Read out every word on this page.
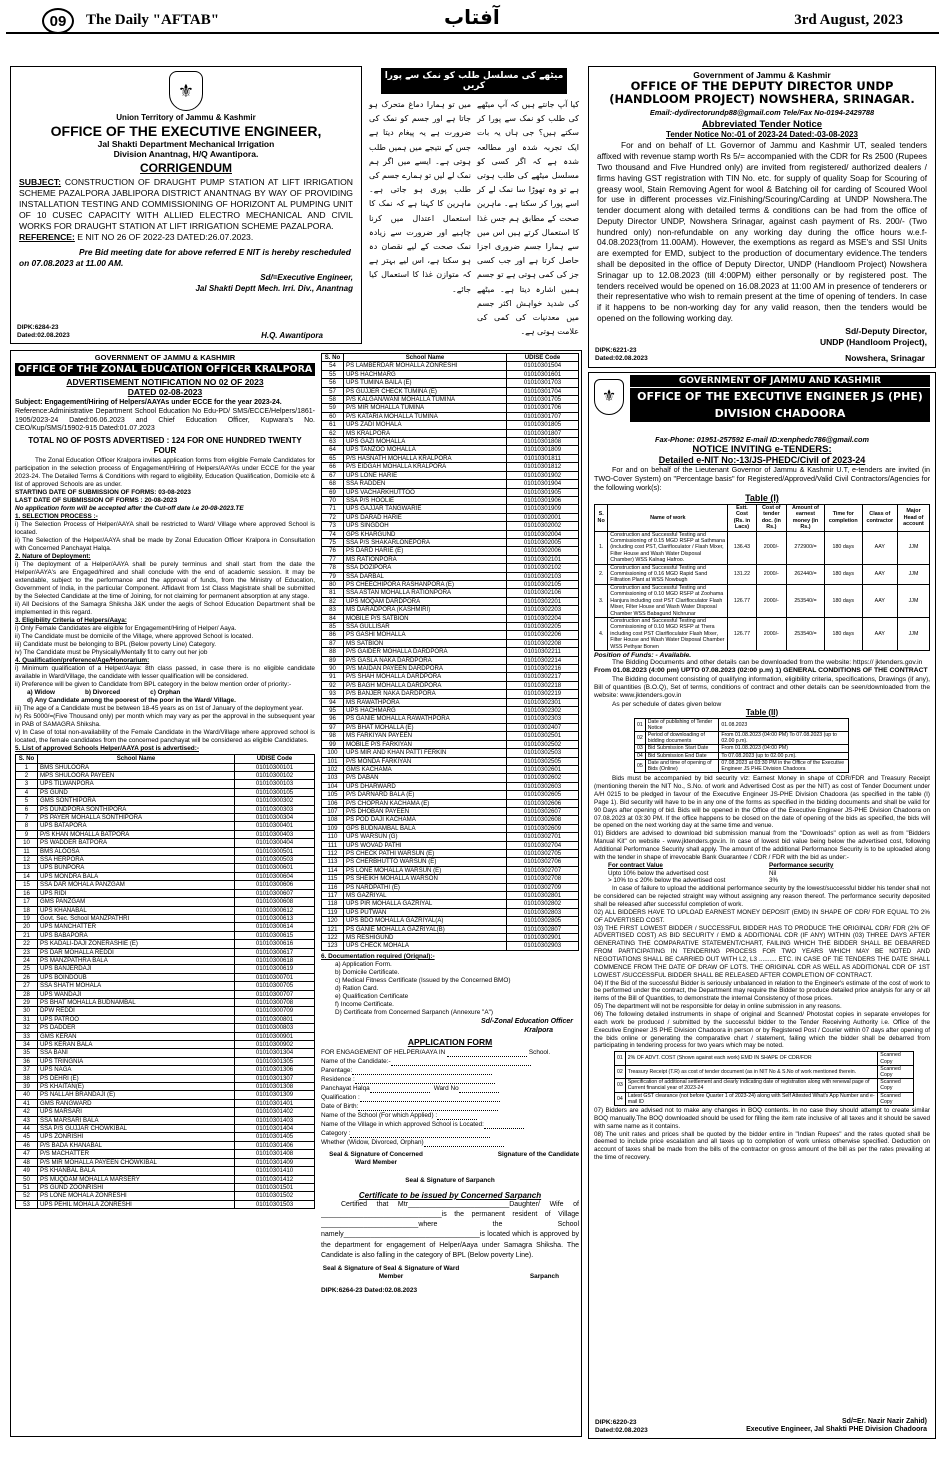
09	The Daily "AFTAB"	آفتاب	3rd August, 2023
⚜
Union Territory of Jammu & Kashmir
OFFICE OF THE EXECUTIVE ENGINEER,
Jal Shakti Department Mechanical Irrigation
Division Anantnag, H/Q Awantipora.
CORRIGENDUM
SUBJECT: CONSTRUCTION OF DRAUGHT PUMP STATION AT LIFT IRRIGATION SCHEME PAZALPORA JABLIPORA DISTRICT ANANTNAG BY WAY OF PROVIDING INSTALLATION TESTING AND COMMISSIONING OF HORIZONT AL PUMPING UNIT OF 10 CUSEC CAPACITY WITH ALLIED ELECTRO MECHANICAL AND CIVIL WORKS FOR DRAUGHT STATION AT LIFT IRRIGATION SCHEME PAZALPORA.
REFERENCE: E NIT NO 26 OF 2022-23 DATED:26.07.2023.
Pre Bid meeting date for above referred E NIT is hereby rescheduled on 07.08.2023 at 11.00 AM.
Sd/=Executive Engineer,
Jal Shakti Deptt Mech. Irri. Div., Anantnag
DIPK:6284-23
Dated:02.08.2023	H.Q. Awantipora
میٹھے کی مسلسل طلب کو نمک سے پورا کریں
کیا آپ جانتے ہیں کہ آپ میٹھے کی طلب کو نمک سے پورا کر سکتے ہیں؟ جی ہاں یہ بات ایک تجربہ شدہ اور مطالعہ شدہ ہے کہ اگر کسی کو مسلسل میٹھے کی طلب ہوتی ہے تو وہ تھوڑا سا نمک لے کر اسے پورا کر سکتا ہے۔ ماہرین صحت کے مطابق ہم جس غذا کا استعمال کرتے ہیں اس میں سے ہمارا جسم ضروری اجزا حاصل کرتا ہے اور جب کسی جز کی کمی ہوتی ہے تو جسم ہمیں اشارہ دیتا ہے۔ میٹھے کی شدید خواہش اکثر جسم میں معدنیات کی کمی کی علامت ہوتی ہے۔
میں تو ہمارا دماغ متحرک ہو جاتا ہے اور جسم کو نمک کی ضرورت ہے یہ پیغام دیتا ہے جس کے نتیجے میں ہمیں طلب ہوتی ہے۔ ایسے میں اگر ہم نمک لے لیں تو ہمارے جسم کی طلب پوری ہو جاتی ہے۔ ماہرین کا کہنا ہے کہ نمک کا استعمال اعتدال میں کرنا چاہیے اور ضرورت سے زیادہ نمک صحت کے لیے نقصان دہ ہو سکتا ہے، اس لیے بہتر ہے کہ متوازن غذا کا استعمال کیا جائے۔
Government of Jammu & Kashmir
OFFICE OF THE DEPUTY DIRECTOR UNDP (HANDLOOM PROJECT) NOWSHERA, SRINAGAR.
Email:-dydirectorundp88@gmail.com Tele/Fax No-0194-2429788
Abbreviated Tender Notice
Tender Notice No:-01 of 2023-24 Dated:-03-08-2023
For and on behalf of Lt. Governor of Jammu and Kashmir UT, sealed tenders affixed with revenue stamp worth Rs 5/= accompanied with the CDR for Rs 2500 (Rupees Two thousand and Five Hundred only) are invited from registered/ authorized dealers / firms having GST registration with TIN No. etc. for supply of quality Soap for Scouring of greasy wool, Stain Removing Agent for wool & Batching oil for carding of Scoured Wool for use in different processes viz.Finishing/Scouring/Carding at UNDP Nowshera.The tender document along with detailed terms & conditions can be had from the office of Deputy Director UNDP, Nowshera Srinagar, against cash payment of Rs. 200/- (Two hundred only) non-refundable on any working day during the office hours w.e.f- 04.08.2023(from 11.00AM). However, the exemptions as regard as MSE's and SSI Units are exempted for EMD, subject to the production of documentary evidence.The tenders shall be deposited in the office of Deputy Director, UNDP (Handloom Project) Nowshera Srinagar up to 12.08.2023 (till 4:00PM) either personally or by registered post. The tenders received would be opened on 16.08.2023 at 11:00 AM in presence of tenderers or their representative who wish to remain present at the time of opening of tenders. In case if it happens to be non-working day for any valid reason, then the tenders would be opened on the following working day.
Sd/-Deputy Director,
UNDP (Handloom Project),
DIPK:6221-23
Dated:02.08.2023	Nowshera, Srinagar
GOVERNMENT OF JAMMU & KASHMIR
OFFICE OF THE ZONAL EDUCATION OFFICER KRALPORA
ADVERTISEMENT NOTIFICATION NO 02 OF 2023
DATED 02-08-2023
Subject: Engagement/Hiring of Helpers/AAYAs under ECCE for the year 2023-24.
Reference:Administrative Department School Education No Edu-PD/ SMS/ECCE/Helpers/1861-1905/2023-24 Dated:06.06.2023 and Chief Education Officer, Kupwara's No. CEO/Kup/SMS/15902-915 Dated:01.07.2023
TOTAL NO OF POSTS ADVERTISED : 124 FOR ONE HUNDRED TWENTY FOUR
The Zonal Education Officer Kralpora invites application forms from eligible Female Candidates for participation in the selection process of Engagement/Hiring of Helpers/AAYAs under ECCE for the year 2023-24. The Detailed Terms & Conditions with regard to eligibility, Education Qualification, Domicile etc & list of approved Schools are as under.
STARTING DATE OF SUBMISSION OF FORMS: 03-08-2023
LAST DATE OF SUBMISSION OF FORMS : 20-08-2023
No application form will be accepted after the Cut-off date i.e 20-08-2023.TE
1. SELECTION PROCESS :-
i) The Selection Process of Helper/AAYA shall be restricted to Ward/ Village where approved School is located.
ii) The Selection of the Helper/AAYA shall be made by Zonal Education Officer Kralpora in Consultation with Concerned Panchayat Halqa.
2. Nature of Deployment:
i) The deployment of a Helper/AAYA shall be purely terminus and shall start from the date the Helper/AAYA's are Engaged/hired and shall conclude with the end of academic session. It may be extendable, subject to the performance and the approval of funds, from the Ministry of Education, Government of India, in the particular Component. Affidavit from 1st Class Magistrate shall be submitted by the Selected Candidate at the time of Joining, for not claiming for permanent absorption at any stage.
ii) All Decisions of the Samagra Shiksha J&K under the aegis of School Education Department shall be implemented in this regard.
3. Eligibility Criteria of Helpers/Aaya:
i) Only Female Candidates are eligible for Engagement/Hiring of Helper/ Aaya.
ii) The Candidate must be domicile of the Village, where approved School is located.
iii) Candidate must be belonging to BPL (Below poverty Line) Category.
iv) The Candidate must be Physically/Mentally fit to carry out her job
4. Qualification/preference/Age/Honorarium:
i) Minimum qualification of a Helper/Aaya: 8th class passed, in case there is no eligible candidate available in Ward/Village, the candidate with lesser qualification will be considered.
ii) Preference will be given to Candidate from BPL category in the below mention order of priority:-
a) Widow	b) Divorced	c) Orphan
d) Any Candidate among the poorest of the poor in the Ward/ Village.
iii) The age of a Candidate must be between 18-45 years as on 1st of January of the deployment year.
iv) Rs 5000/=(Five Thousand only) per month which may vary as per the approval in the subsequent year in PAB of SAMAGRA Shiksha.
v) In Case of total non-availability of the Female Candidate in the Ward/Village where approved school is located, the female candidates from the concerned panchayat will be considered as eligible Candidates.
5. List of approved Schools Helper/AAYA post is advertised:-
S. No	School Name	UDISE Code
1	BMS SHULOORA	01010300101
2	MPS SHULOORA PAYEEN	01010300102
3	UPS TILWANPORA	01010300103
4	PS GUND	01010300105
5	GMS SONTHIPORA	01010300302
6	PS DUNDPORA SONTHIPORA	01010300303
7	PS PAYER MOHALLA SONTHIPORA	01010300304
8	UPS BATAPORA	01010300401
9	P/S KHAN MOHALLA BATPORA	01010300403
10	PS WADDER BATPORA	01010300404
11	BMS ALOOSA	01010300501
12	SSA HERPORA	01010300503
13	UPS BUNPORA	01010300601
14	UPS MONDRA BALA	01010300604
15	SSA DAR MOHALA PANZGAM	01010300606
16	UPS RIDI	01010300607
17	GMS PANZGAM	01010300608
18	UPS KHANABAL	01010300612
19	Govt. Sec. School MANZPATHRI	01010300613
20	UPS MANCHATTER	01010300614
21	UPS BABAPORA	01010300615
22	PS KADALI-DAJI ZONERASHIE (E)	01010300616
23	PS DAR MOHALLA REDDI	01010300617
24	PS MANZPATHRA BALA	01010300618
25	UPS BANJERDAJI	01010300619
26	UPS BOINDOUB	01010300701
27	SSA SHATH MOHALA	01010300705
28	UPS WANDAJI	01010300707
29	PS BHAT MOHALLA BUDNAMBAL	01010300708
30	DPW REDDI	01010300709
31	UPS PATROO	01010300801
32	PS DADDER	01010300803
33	GMS KERAN	01010300901
34	UPS KERAN BALA	01010300902
35	SSA BANI	01010301304
36	UPS TRINGNIA	01010301305
37	UPS NAGA	01010301306
38	PS DEHRI (E)	01010301307
39	PS KHAITAN(E)	01010301308
40	PS NALLAH BRANDAJI (E)	01010301309
41	GMS RANGWARD	01010301401
42	UPS MARSARI	01010301402
43	SSA MARSARI BALA	01010301403
44	SSA P/S GUJJAR CHOWKIBAL	01010301404
45	UPS ZONRISHI	01010301405
46	P/S BADA KHANABAL	01010301406
47	P/S MACHATTER	01010301408
48	P/S MIR MOHALLA PAYEEN CHOWKIBAL	01010301409
49	PS KHANBAL BALA	01010301410
50	PS MUQDAM MOHALLA MARSERY	01010301412
51	PS GUND ZOONRISHI	01010301501
52	PS LONE MOHALA ZONRESHI	01010301502
53	UPS PEHIL MOHALA ZONRESHI	01010301503
S. No	School Name	UDISE Code
54	PS LAMBERDAR MOHALLA ZONRESHI	01010301504
55	UPS HACHMARG	01010301601
56	UPS TUMINA BAILA (E)	01010301703
57	PS GUJJER CHECK TUMINA (E)	01010301704
58	P/S KALGAN/WANI MOHALLA TUMINA	01010301705
59	P/S MIR MOHALLA TUMINA	01010301706
60	P/S KATARIA MOHALLA TUMINA	01010301707
61	UPS ZADI MOHALA	01010301805
62	MS KRALPORA	01010301807
63	UPS GAZI MOHALLA	01010301808
64	UPS TANZOO MOHALLA	01010301809
65	P/S HASNATH MOHALLA KRALPORA	01010301811
66	P/S EIDGAH MOHALLA KRALPORA	01010301812
67	UPS LONE HARIE	01010301902
68	SSA RADDEN	01010301904
69	UPS VACHARKHUTTOO	01010301905
70	SSA P/S HOOLIE	01010301906
71	UPS GAJJAR TANGWARIE	01010301909
72	UPS DARAD HARIE	01010302001
73	UPS SINGDOH	01010302002
74	GPS KHARGUND	01010302004
75	SSA P/S SHAKARLONEPORA	01010302005
76	PS DARD HARIE (E)	01010302006
77	MS RATIONPORA	01010302101
78	SSA DOZIPORA	01010302102
79	SSA DARBAL	01010302103
80	PS CHEECHIPORA RASHANPORA (E)	01010302105
81	SSA ASTAN MOHALLA RATIONPORA	01010302106
82	UPS MOQAM DARDPORA	01010302201
83	MS DARADPORA (KASHMIRI)	01010302203
84	MOBILE P/S SATBION	01010302204
85	SSA GULLISAR	01010302205
86	PS GASHI MOHALLA	01010302206
87	MS SATBION	01010302208
88	P/S GAIDER MOHALLA DARDPORA	01010302211
89	P/S GASLA NAKA DARDPORA	01010302214
90	P/S MAIDAN PAYEEN DARDPORA	01010302216
91	P/S SHAH MOHALLA DARDPORA	01010302217
92	P/S BAGH MOHALLA DARDPORA	01010302218
93	P/S BANJER NAKA DARDPORA	01010302219
94	MS RAWATHPORA	01010302301
95	UPS HACHMARG	01010302302
96	PS GANIE MOHALLA RAWATHPORA	01010302303
97	P/S BHAT MOHALLA (E)	01010302407
98	MS FARKIYAN PAYEEN	01010302501
99	MOBILE P/S FARKIYAN	01010302502
100	UPS MIR AND KHAN PATTI FERKIN	01010302503
101	P/S MONDA FARKIYAN	01010302505
102	GMS KACHAMA	01010302601
103	P/S DABAN	01010302602
104	UPS DHARWARD	01010302603
105	P/S DARNARD BALA (E)	01010302605
106	P/S CHOPRAN KACHAMA (E)	01010302606
107	P/S DHOBAN PAYEEN	01010302607
108	PS POD DAJI KACHAMA	01010302608
109	GPS BUDNAMBAL BALA	01010302609
110	UPS WARSUN (G)	01010302701
111	UPS WOVAD PATHI	01010302704
112	PS CHECK PATHI WARSUN (E)	01010302705
113	PS CHERBHUTTO WARSUN (E)	01010302706
114	PS LONE MOHALLA WARSUN (E)	01010302707
115	PS SHEIKH MOHALLA WARSON	01010302708
116	PS NARDPATHI (E)	01010302709
117	MS GAZRIYAL	01010302801
118	UPS PIR MOHALLA GAZRIYAL	01010302802
119	UPS PUTWAN	01010302803
120	UPS BDO MOHALLA GAZRIYAL(A)	01010302805
121	PS GANIE MOHALLA GAZRIYAL(B)	01010302807
122	MS RESHIGUND	01010302901
123	UPS CHECK MOHALA	01010302903
6. Documentation required (Orignal):-
a) Application Form.
b) Domicile Certificate.
c) Medical Fitness Certificate (Issued by the Concerned BMO)
d) Ration Card.
e) Qualification Certificate
f) Income Certificate.
D) Certificate from Concerned Sarpanch (Annexure "A")
Sd/-Zonal Education Officer
Kralpora
APPLICATION FORM
FOR ENGAGEMENT OF HELPER/AAYA IN	School.
Name of the Candidate:-
Parentage:
Residence :
Panchayat Halqa	Ward No
Qualification :
Date of Birth:
Name of the School (For which Applied) :
Name of the Village in which approved School is Located:
Category :
Whether (Widow, Divorced, Orphan)
Seal & Signature of Concerned Ward Member
Signature of the Candidate
Seal & Signature of Sarpanch
Certificate to be issued by Concerned Sarpanch
Certified that Mtr__________________________Daughter/ Wife of _______________________________is the permanent resident of Village _________________________where the School namely___________________________________is located which is approved by the department for engagement of Helper/Aaya under Samagra Shiksha. The Candidate is also falling in the category of BPL (Below poverty Line).
Seal & Signature of Seal & Signature of Ward Member	Sarpanch
DIPK:6264-23 Dated:02.08.2023
⚜
GOVERNMENT OF JAMMU AND KASHMIR
OFFICE OF THE EXECUTIVE ENGINEER JS (PHE)
DIVISION CHADOORA
Fax-Phone: 01951-257592 E-mail ID:xenphedc786@gmail.com
NOTICE INVITING e-TENDERS:
Detailed e-NIT No:-13/JS-PHEDC/Civil of 2023-24
For and on behalf of the Lieutenant Governor of Jammu & Kashmir U.T, e-tenders are invited (in TWO-Cover System) on "Percentage basis" for Registered/Approved/Valid Civil Contractors/Agencies for the following work(s):
Table (I)
S. No	Name of work	Estt. Cost (Rs. in Lacs)	Cost of tender doc. (in Rs.)	Amount of earnest money (in Rs.)	Time for completion	Class of contractor	Major Head of account
1.	Construction and Successful Testing and Commissioning of 0.15 MGD RSFP at Sathmana (including cost PST, Clarifloculator / Flash Mixer, Filter House and Wash Water Disposal Chamber) WSS Kalnag Hafroo.	136.43	2000/-	272900/=	180 days	AAY	JJM
2.	Construction and Successful Testing and Commissioning of 0.16 MGD Rapid Sand Filtration Plant at WSS Nowbugh	131.22	2000/-	262440/=	180 days	AAY	JJM
3.	Construction and Successful Testing and Commissioning of 0.10 MGD RSFP at Zoohama Hanjura including cost PST Clarifloculator Flash Mixer, Filter House and Wash Water Disposal Chamber WSS Babagund Nichrunar	126.77	2000/-	253540/=	180 days	AAY	JJM
4.	Construction and Successful Testing and Commissioning of 0.10 MGD RSFP at Thera including cost PST Clarifloculator Flash Mixer, Filter House and Wash Water Disposal Chamber WSS Pethyar Bonen	126.77	2000/-	253540/=	180 days	AAY	JJM
Position of Funds: - Available.
The Bidding Documents and other details can be downloaded from the website: https:// jktenders.gov.in
From 01.08.2023 (4:00 pm) UPTO 07.08.2023 (02:00 p.m) 1) GENERAL CONDITIONS OF THE CONTRACT
The Bidding document consisting of qualifying information, eligibility criteria, specifications, Drawings (if any), Bill of quantities (B.O.Q), Set of terms, conditions of contract and other details can be seen/downloaded from the website: www.jktenders.gov.in
As per schedule of dates given below
Table (II)
01	Date of publishing of Tender Notice	01.08.2023
02	Period of downloading of bidding documents	From 01.08.2023 (04:00 PM) To 07.08.2023 (up to 02.00 p.m).
03	Bid Submission Start Date	From 01.08.2023 (04:00 PM)
04	Bid Submission End Date	To 07.08.2023 (up to 02.00 p.m).
05	Date and time of opening of Bids (Online)	07.08.2023 at 03:30 PM in the Office of the Executive Engineer JS PHE Division Chadoora
Bids must be accompanied by bid security viz: Earnest Money in shape of CDR/FDR and Treasury Receipt (mentioning therein the NIT No., S.No. of work and Advertised Cost as per the NIT) as cost of Tender Document under A/H 0215 to be pledged in favour of the Executive Engineer JS-PHE Division Chadoora (as specified in the table (I) Page 1). Bid security will have to be in any one of the forms as specified in the bidding documents and shall be valid for 90 Days after opening of bid. Bids will be opened in the Office of the Executive Engineer JS-PHE Division Chadoora on 07.08.2023 at 03:30 PM. If the office happens to be closed on the date of opening of the bids as specified, the bids will be opened on the next working day at the same time and venue.
01) Bidders are advised to download bid submission manual from the "Downloads" option as well as from "Bidders Manual Kit" on website - www.jktenders.gov.in. In case of lowest bid value being below the advertised cost, following Additional Performance Security shall apply. The amount of the additional Performance Security is to be uploaded along with the tender in shape of irrevocable Bank Guarantee / CDR / FDR with the bid as under:-
For contract Value	Performance security
Upto 10% below the advertised cost	Nil
> 10% to ≤ 20% below the advertised cost	3%
In case of failure to upload the additional performance security by the lowest/successful bidder his tender shall not be considered can be rejected straight way without assigning any reason thereof. The performance security deposited shall be released after successful completion of work.
02) ALL BIDDERS HAVE TO UPLOAD EARNEST MONEY DEPOSIT (EMD) IN SHAPE OF CDR/ FDR EQUAL TO 2% OF ADVERTISED COST.
03) THE FIRST LOWEST BIDDER / SUCCESSFUL BIDDER HAS TO PRODUCE THE ORIGINAL CDR/ FDR (2% OF ADVERTISED COST) AS BID SECURITY / EMD & ADDITIONAL CDR (IF ANY) WITHIN (03) THREE DAYS AFTER GENERATING THE COMPARATIVE STATEMENT/CHART, FAILING WHICH THE BIDDER SHALL BE DEBARRED FROM PARTICIPATING IN TENDERING PROCESS FOR TWO YEARS WHICH MAY BE NOTED AND NEGOTIATIONS SHALL BE CARRIED OUT WITH L2, L3 .......... ETC. IN CASE OF TIE TENDERS THE DATE SHALL COMMENCE FROM THE DATE OF DRAW OF LOTS. THE ORIGINAL CDR AS WELL AS ADDITIONAL CDR OF 1ST LOWEST /SUCCESSFUL BIDDER SHALL BE RELEASED AFTER COMPLETION OF CONTRACT.
04) If the Bid of the successful Bidder is seriously unbalanced in relation to the Engineer's estimate of the cost of work to be performed under the contract, the Department may require the Bidder to produce detailed price analysis for any or all items of the Bill of Quantities, to demonstrate the internal Consistency of those prices.
05) The department will not be responsible for delay in online submission in any reasons.
06) The following detailed instruments in shape of original and Scanned/ Photostat copies in separate envelopes for each work be produced / submitted by the successful bidder to the Tender Receiving Authority i.e. Office of the Executive Engineer JS PHE Division Chadoora in person or by Registered Post / Courier within 07 days after opening of the bids online or generating the comparative chart / statement, failing which the bidder shall be debarred from participating in tendering process for two years which may be noted.
01	2% OF ADVT. COST (Shown against each work) EMD IN SHAPE OF CDR/FDR	Scanned Copy
02	Treasury Receipt (T.R) as cost of tender document (as in NIT No & S.No of work mentioned therein.	Scanned Copy
03	Specification of additional settlement and clearly indicating date of registration along with renewal page of Current financial year of 2023-24	Scanned Copy
04	Latest GST clearance (not before Quarter 1 of 2023-24) along with Self Attested What's App Number and e-mail ID	Scanned Copy
07) Bidders are advised not to make any changes in BOQ contents. In no case they should attempt to create similar BOQ manually.The BOQ downloaded should be used for filling the item rate inclusive of all taxes and it should be saved with same name as it contains.
08) The unit rates and prices shall be quoted by the bidder entire in "Indian Rupees" and the rates quoted shall be deemed to include price escalation and all taxes up to completion of work unless otherwise specified. Deduction on account of taxes shall be made from the bills of the contractor on gross amount of the bill as per the rates prevailing at the time of recovery.
DIPK:6220-23
Dated:02.08.2023
Sd/=Er. Nazir Nazir Zahid)
Executive Engineer, Jal Shakti PHE Division Chadoora
